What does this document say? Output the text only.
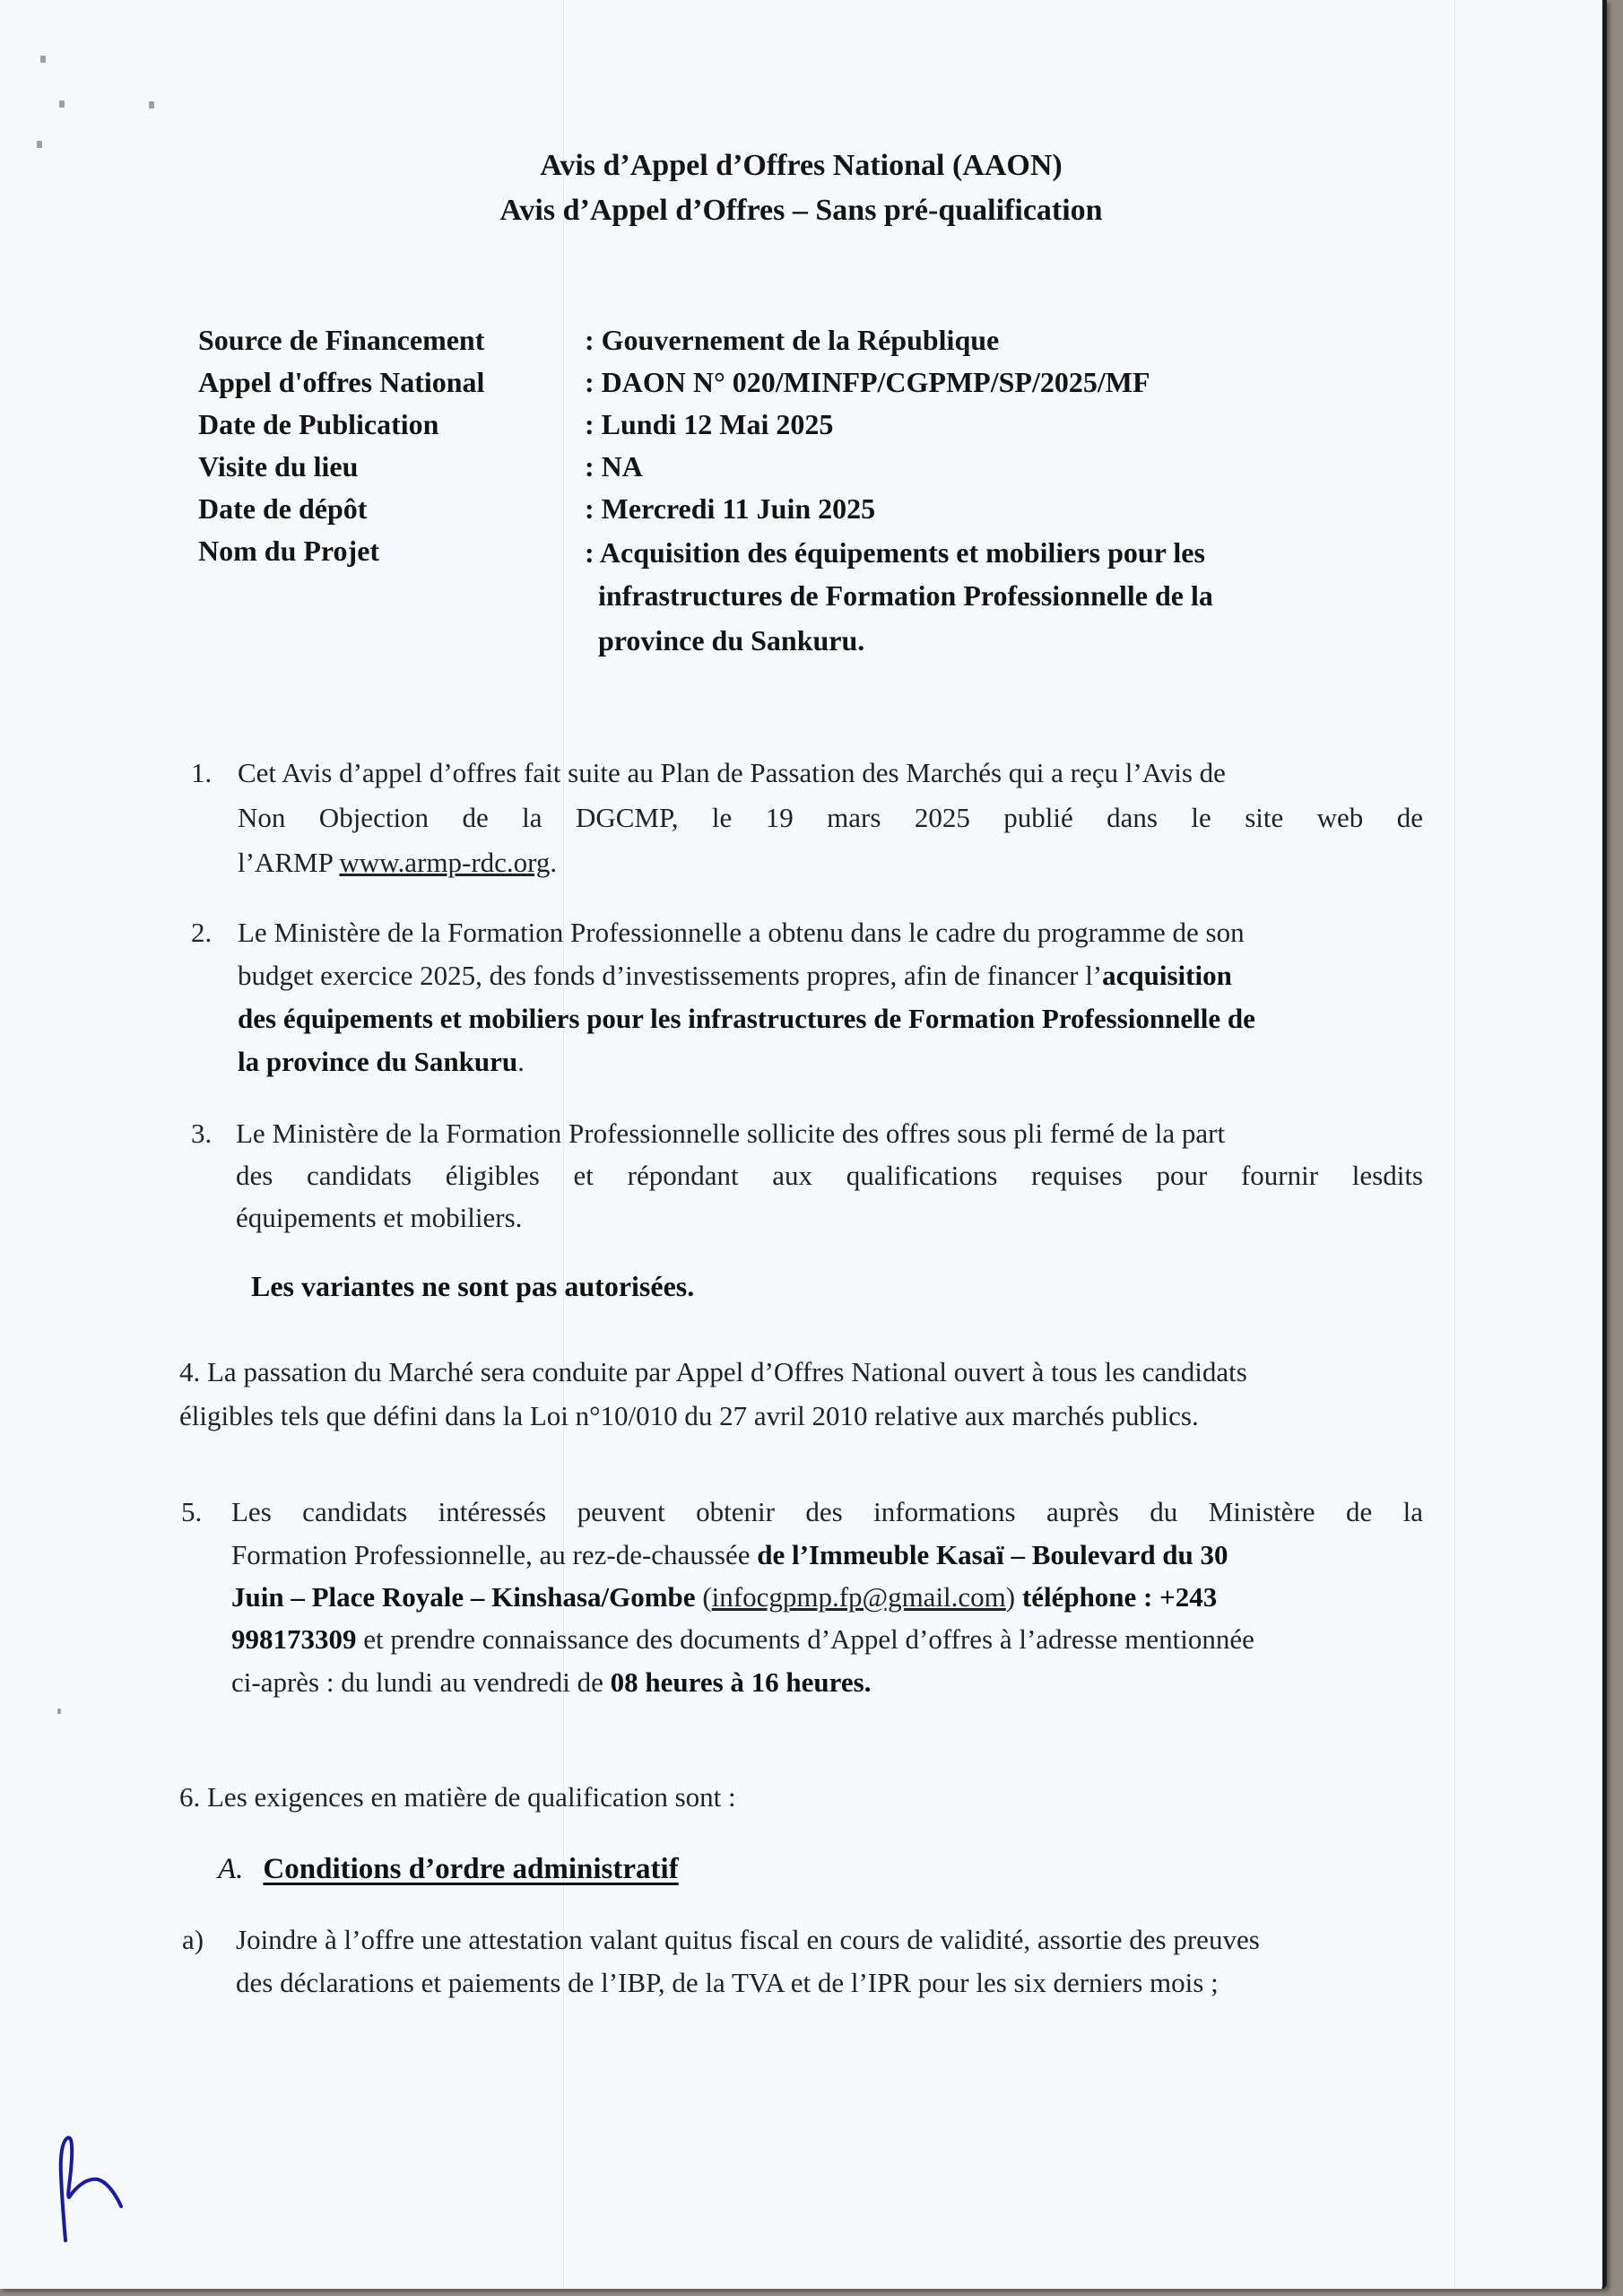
Avis d’Appel d’Offres National (AAON)
Avis d’Appel d’Offres – Sans pré-qualification
Source de Financement	: Gouvernement de la République
Appel d'offres National	: DAON N° 020/MINFP/CGPMP/SP/2025/MF
Date de Publication	: Lundi 12 Mai 2025
Visite du lieu	: NA
Date de dépôt	: Mercredi 11 Juin 2025
Nom du Projet	: Acquisition des équipements et mobiliers pour les
infrastructures de Formation Professionnelle de la
province du Sankuru.
1. Cet Avis d’appel d’offres fait suite au Plan de Passation des Marchés qui a reçu l’Avis de
Non Objection de la DGCMP, le 19 mars 2025 publié dans le site web de
l’ARMP www.armp-rdc.org.
2. Le Ministère de la Formation Professionnelle a obtenu dans le cadre du programme de son
budget exercice 2025, des fonds d’investissements propres, afin de financer l’acquisition
des équipements et mobiliers pour les infrastructures de Formation Professionnelle de
la province du Sankuru.
3. Le Ministère de la Formation Professionnelle sollicite des offres sous pli fermé de la part
des candidats éligibles et répondant aux qualifications requises pour fournir lesdits
équipements et mobiliers.
Les variantes ne sont pas autorisées.
4. La passation du Marché sera conduite par Appel d’Offres National ouvert à tous les candidats
éligibles tels que défini dans la Loi n°10/010 du 27 avril 2010 relative aux marchés publics.
5. Les candidats intéressés peuvent obtenir des informations auprès du Ministère de la
Formation Professionnelle, au rez-de-chaussée de l’Immeuble Kasaï – Boulevard du 30
Juin – Place Royale – Kinshasa/Gombe (infocgpmp.fp@gmail.com) téléphone : +243
998173309 et prendre connaissance des documents d’Appel d’offres à l’adresse mentionnée
ci-après : du lundi au vendredi de 08 heures à 16 heures.
6. Les exigences en matière de qualification sont :
A. Conditions d’ordre administratif
a) Joindre à l’offre une attestation valant quitus fiscal en cours de validité, assortie des preuves
des déclarations et paiements de l’IBP, de la TVA et de l’IPR pour les six derniers mois ;
